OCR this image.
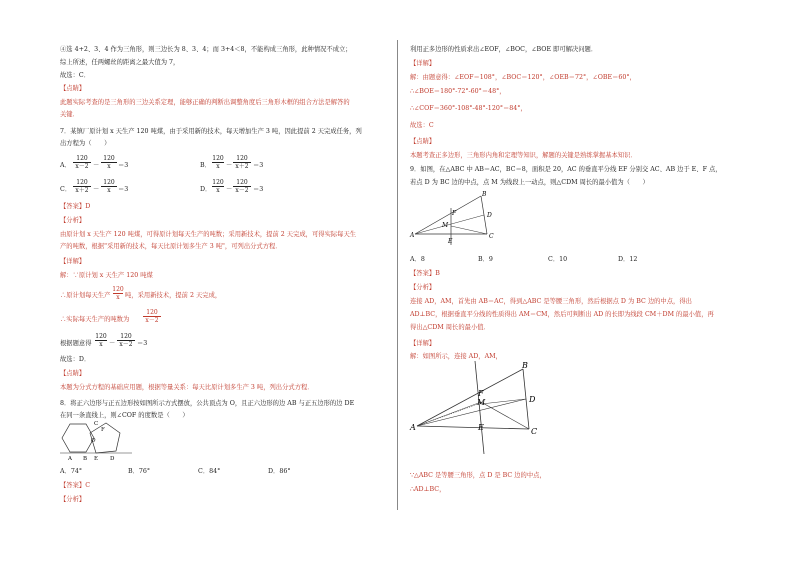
④选 4+2、3、4 作为三角形，则三边长为 8、3、4；而 3+4＜8，不能构成三角形，此种情况不成立；
综上所述，任两螺丝的距离之最大值为 7，
故选：C．
【点睛】
此题实际考查的是三角形的三边关系定理，能够正确的判断出调整角度后三角形木框的组合方法是解答的
关键．
7．某镇厂原计划 x 天生产 120 吨煤，由于采用新的技术，每天增加生产 3 吨，因此提前 2 天完成任务，列
出方程为（　　）
A．
120
x－2 －
120
x	＝3	B．
120
x	－
120
x＋2 ＝3
C．
120
x＋2 －
120
x	＝3	D．
120
x	－
120
x－2 ＝3
【答案】D
【分析】
由原计划 x 天生产 120 吨煤，可得原计划每天生产的吨数；采用新技术，提前 2 天完成，可得实际每天生
产的吨数，根据"采用新的技术，每天比原计划多生产 3 吨"，可列出分式方程．
【详解】
解：∵原计划 x 天生产 120 吨煤
∴原计划每天生产
120
x 吨，采用新技术，提前 2 天完成，
∴实际每天生产的吨数为
120
x－2
根据题意得
120
x	－
120
x－2 ＝3
故选：D．
【点睛】
本题为分式方程的基础应用题，根据等量关系：每天比原计划多生产 3 吨，列出分式方程．
8．将正六边形与正五边形按如图所示方式摆放，公共顶点为 O，且正六边形的边 AB 与正五边形的边 DE
在同一条直线上，则∠COF 的度数是（　　）
C
F
O
A B E D
A．74°	B．76°	C．84°	D．86°
【答案】C
【分析】
利用正多边形的性质求出∠EOF，∠BOC，∠BOE 即可解决问题．
【详解】
解：由题意得：∠EOF＝108°，∠BOC＝120°，∠OEB＝72°，∠OBE＝60°，
∴∠BOE＝180°-72°-60°＝48°，
∴∠COF＝360°-108°-48°-120°＝84°，
故选：C
【点睛】
本题考查正多边形，三角形内角和定理等知识，解题的关键是熟练掌握基本知识．
9．如图，在△ABC 中 AB＝AC，BC＝8，面积是 20，AC 的垂直平分线 EF 分别交 AC、AB 边于 E、F 点，
若点 D 为 BC 边的中点，点 M 为线段上一动点，则△CDM 周长的最小值为（　　）
A
B
C
D
E
F
M
A．8	B．9	C．10	D．12
【答案】B
【分析】
连接 AD，AM，首先由 AB＝AC，得到△ABC 是等腰三角形，然后根据点 D 为 BC 边的中点，得出
AD⊥BC，根据垂直平分线的性质得出 AM＝CM，然后可判断出 AD 的长即为线段 CM＋DM 的最小值，再
得出△CDM 周长的最小值．
【详解】
解：如图所示，连接 AD，AM，
A
B
C
D
E
F
M
∵△ABC 是等腰三角形，点 D 是 BC 边的中点，
∴AD⊥BC，
